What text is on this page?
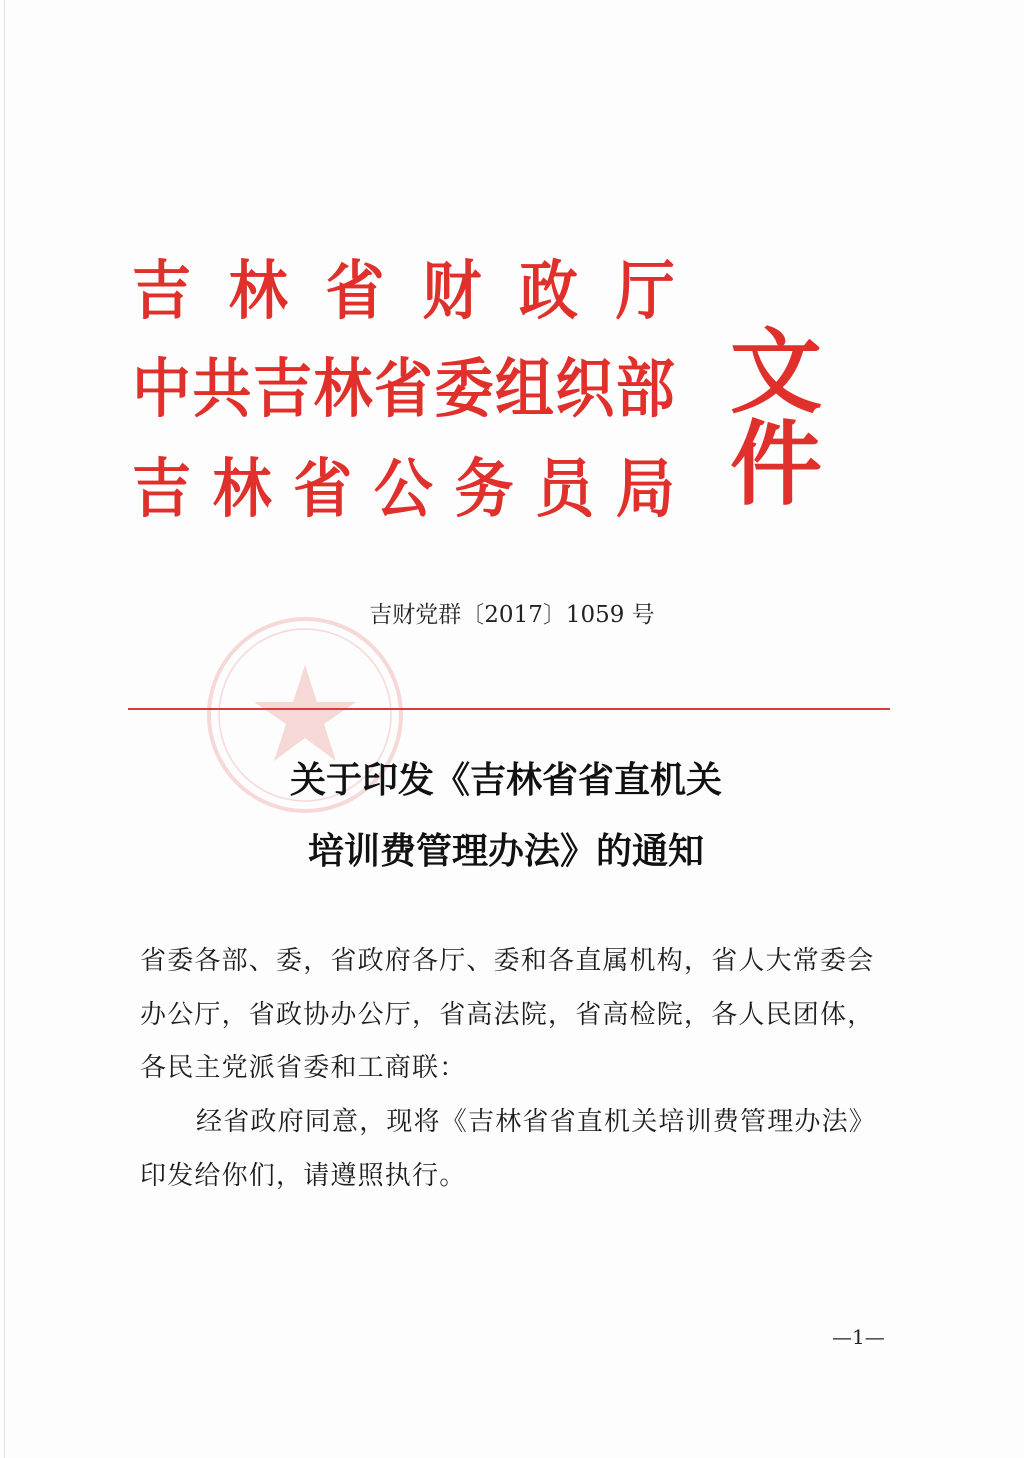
吉 林 省 财 政 厅
中 共 吉 林 省 委 组 织 部
吉 林 省 公 务 员 局
文件
吉财党群〔2017〕1059 号
关于印发《吉林省省直机关
培训费管理办法》的通知
省委各部、委，省政府各厅、委和各直属机构，省人大常委会
办公厅，省政协办公厅，省高法院，省高检院，各人民团体，
各民主党派省委和工商联：
经省政府同意，现将《吉林省省直机关培训费管理办法》
印发给你们，请遵照执行。
—1—
